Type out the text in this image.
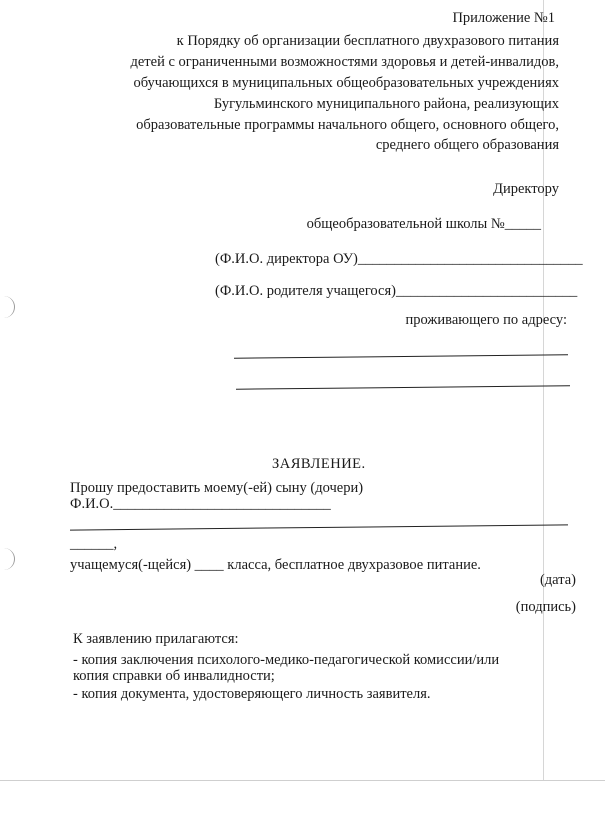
Приложение №1
к Порядку об организации бесплатного двухразового питания
детей с ограниченными возможностями здоровья и детей-инвалидов,
обучающихся в муниципальных общеобразовательных учреждениях
Бугульминского муниципального района, реализующих
образовательные программы начального общего, основного общего,
среднего общего образования
Директору
общеобразовательной школы №_____
(Ф.И.О. директора ОУ)_______________________________
(Ф.И.О. родителя учащегося)_________________________
проживающего по адресу:
ЗАЯВЛЕНИЕ.
Прошу предоставить моему(-ей) сыну (дочери)
Ф.И.О.______________________________
______,
учащемуся(-щейся) ____ класса, бесплатное двухразовое питание.
(дата)
(подпись)
К заявлению прилагаются:
- копия заключения психолого-медико-педагогической комиссии/или
копия справки об инвалидности;
- копия документа, удостоверяющего личность заявителя.
